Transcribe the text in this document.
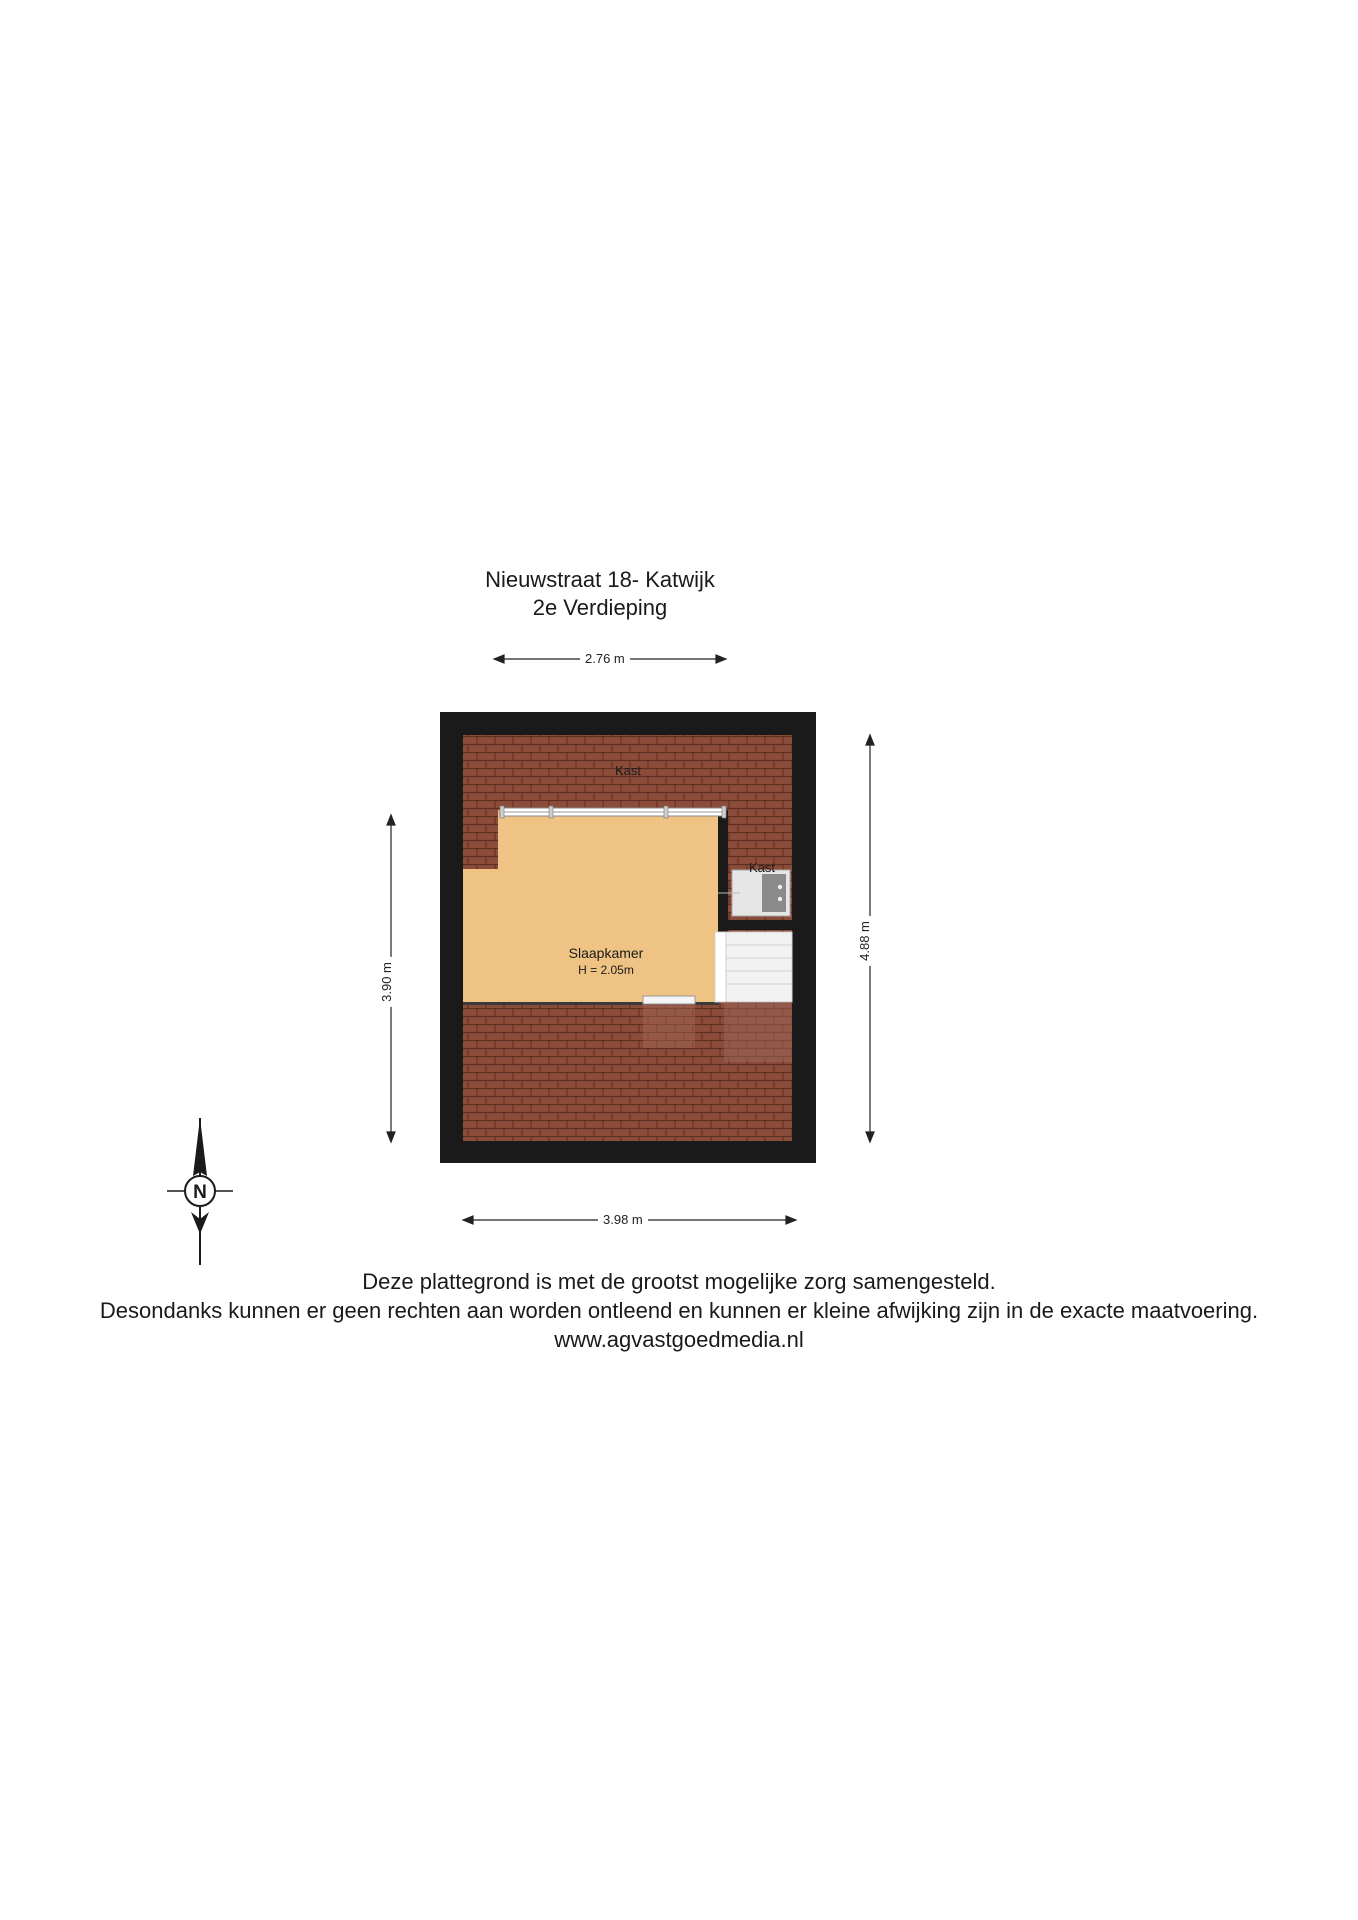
Nieuwstraat 18- Katwijk
2e Verdieping
Kast
Kast
Slaapkamer
H = 2.05m
N
2.76 m
3.98 m
3.90 m
4.88 m
Deze plattegrond is met de grootst mogelijke zorg samengesteld.
Desondanks kunnen er geen rechten aan worden ontleend en kunnen er kleine afwijking zijn in de exacte maatvoering.
www.agvastgoedmedia.nl
